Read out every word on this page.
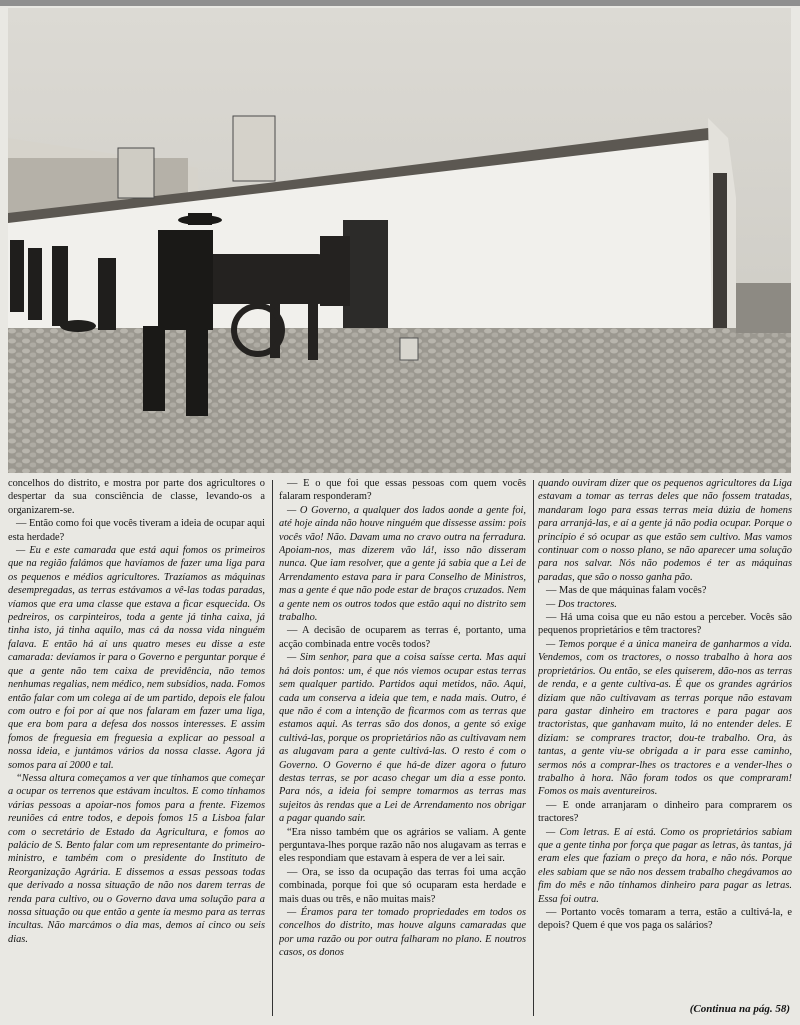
concelhos do distrito, e mostra por parte dos agricultores o despertar da sua consciência de classe, levando-os a organizarem-se.

— Então como foi que vocês tiveram a ideia de ocupar aqui esta herdade?

— Eu e este camarada que está aqui fomos os primeiros que na região falámos que havíamos de fazer uma liga para os pequenos e médios agricultores. Trazíamos as máquinas desempregadas, as terras estávamos a vê-las todas paradas, víamos que era uma classe que estava a ficar esquecida. Os pedreiros, os carpinteiros, toda a gente já tinha caixa, já tinha isto, já tinha aquilo, mas cá da nossa vida ninguém falava. E então há aí uns quatro meses eu disse a este camarada: devíamos ir para o Governo e perguntar porque é que a gente não tem caixa de previdência, não temos nenhumas regalias, nem médico, nem subsídios, nada. Fomos então falar com um colega aí de um partido, depois ele falou com outro e foi por aí que nos falaram em fazer uma liga, que era bom para a defesa dos nossos interesses. E assim fomos de freguesia em freguesia a explicar ao pessoal a nossa ideia, e juntámos vários da nossa classe. Agora já somos para aí 2000 e tal.

“Nessa altura começamos a ver que tínhamos que começar a ocupar os terrenos que estávam incultos. E como tínhamos várias pessoas a apoiar-nos fomos para a frente. Fizemos reuniões cá entre todos, e depois fomos 15 a Lisboa falar com o secretário de Estado da Agricultura, e fomos ao palácio de S. Bento falar com um representante do primeiro-ministro, e também com o presidente do Instituto de Reorganização Agrária. E dissemos a essas pessoas todas que derivado a nossa situação de não nos darem terras de renda para cultivo, ou o Governo dava uma solução para a nossa situação ou que então a gente ía mesmo para as terras incultas. Não marcámos o dia mas, demos aí cinco ou seis dias.

— E o que foi que essas pessoas com quem vocês falaram responderam?

— O Governo, a qualquer dos lados aonde a gente foi, até hoje ainda não houve ninguém que dissesse assim: pois vocês vão! Não. Davam uma no cravo outra na ferradura. Apoiam-nos, mas dizerem vão lá!, isso não disseram nunca. Que iam resolver, que a gente já sabia que a Lei de Arrendamento estava para ir para Conselho de Ministros, mas a gente é que não pode estar de braços cruzados. Nem a gente nem os outros todos que estão aqui no distrito sem trabalho.

— A decisão de ocuparem as terras é, portanto, uma acção combinada entre vocês todos?

— Sim senhor, para que a coisa saísse certa. Mas aqui há dois pontos: um, é que nós viemos ocupar estas terras sem qualquer partido. Partidos aqui metidos, não. Aqui, cada um conserva a ideia que tem, e nada mais. Outro, é que não é com a intenção de ficarmos com as terras que estamos aqui. As terras são dos donos, a gente só exige cultivá-las, porque os proprietários não as cultivavam nem as alugavam para a gente cultivá-las. O resto é com o Governo. O Governo é que há-de dizer agora o futuro destas terras, se por acaso chegar um dia a esse ponto. Para nós, a ideia foi sempre tomarmos as terras mas sujeitos às rendas que a Lei de Arrendamento nos obrigar a pagar quando sair.

“Era nisso também que os agrários se valiam. A gente perguntava-lhes porque razão não nos alugavam as terras e eles respondiam que estavam à espera de ver a lei sair.

— Ora, se isso da ocupação das terras foi uma acção combinada, porque foi que só ocuparam esta herdade e mais duas ou três, e não muitas mais?

— Éramos para ter tomado propriedades em todos os concelhos do distrito, mas houve alguns camaradas que por uma razão ou por outra falharam no plano. E noutros casos, os donos

quando ouviram dizer que os pequenos agricultores da Liga estavam a tomar as terras deles que não fossem tratadas, mandaram logo para essas terras meia dúzia de homens para arranjá-las, e aí a gente já não podia ocupar. Porque o princípio é só ocupar as que estão sem cultivo. Mas vamos continuar com o nosso plano, se não aparecer uma solução para nos salvar. Nós não podemos é ter as máquinas paradas, que são o nosso ganha pão.

— Mas de que máquinas falam vocês?

— Dos tractores.

— Há uma coisa que eu não estou a perceber. Vocês são pequenos proprietários e têm tractores?

— Temos porque é a única maneira de ganharmos a vida. Vendemos, com os tractores, o nosso trabalho à hora aos proprietários. Ou então, se eles quiserem, dão-nos as terras de renda, e a gente cultiva-as. É que os grandes agrários diziam que não cultivavam as terras porque não estavam para gastar dinheiro em tractores e para pagar aos tractoristas, que ganhavam muito, lá no entender deles. E diziam: se comprares tractor, dou-te trabalho. Ora, às tantas, a gente viu-se obrigada a ir para esse caminho, sermos nós a comprar-lhes os tractores e a vender-lhes o trabalho à hora. Não foram todos os que compraram! Fomos os mais aventureiros.

— E onde arranjaram o dinheiro para comprarem os tractores?

— Com letras. E aí está. Como os proprietários sabiam que a gente tinha por força que pagar as letras, às tantas, já eram eles que faziam o preço da hora, e não nós. Porque eles sabiam que se não nos dessem trabalho chegávamos ao fim do mês e não tínhamos dinheiro para pagar as letras. Essa foi outra.

— Portanto vocês tomaram a terra, estão a cultivá-la, e depois? Quem é que vos paga os salários?

(Continua na pág. 58)
